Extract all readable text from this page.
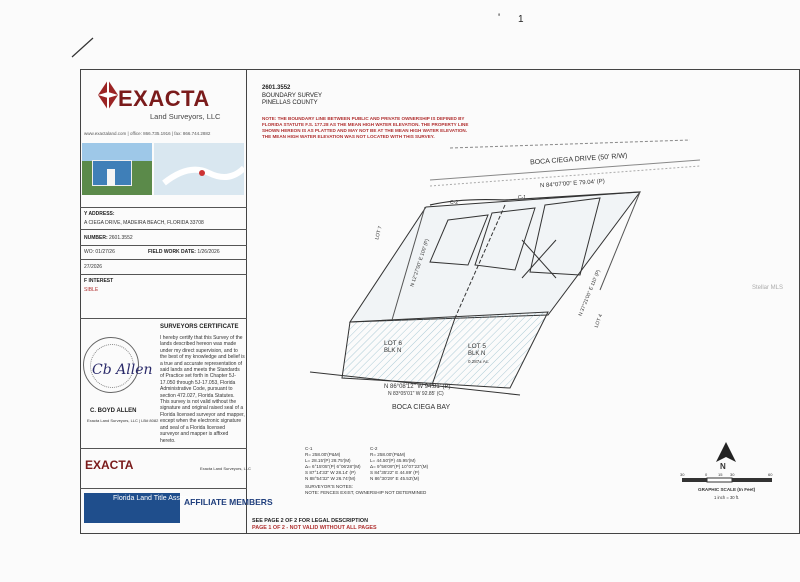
' 1
EXACTA
Land Surveyors, LLC
www.exactaland.com | office: 866.735.1916 | fax: 866.744.2882
Y ADDRESS:
A CIEGA DRIVE, MADEIRA BEACH, FLORIDA 33708
NUMBER: 2601.3552
WO: 01/27/26	FIELD WORK DATE: 1/26/2026
27/2026
F INTEREST
SIBLE
Cb Allen
SURVEYORS CERTIFICATE
I hereby certify that this Survey of the lands described hereon was made under my direct supervision, and to the best of my knowledge and belief is a true and accurate representation of said lands and meets the Standards of Practice set forth in Chapter 5J-17.050 through 5J-17.053, Florida Administrative Code, pursuant to section 472.027, Florida Statutes. This survey is not valid without the signature and original raised seal of a Florida licensed surveyor and mapper, except when the electronic signature and seal of a Florida licensed surveyor and mapper is affixed hereto.
C. BOYD ALLEN
Exacta Land Surveyors, LLC | LB# 8082
EXACTA	Exacta Land Surveyors, LLC
Florida Land Title Association
AFFILIATE MEMBERS
2601.3552
BOUNDARY SURVEY
PINELLAS COUNTY
NOTE: THE BOUNDARY LINE BETWEEN PUBLIC AND PRIVATE OWNERSHIP IS DEFINED BY FLORIDA STATUTE F.S. 177.28 AS THE MEAN HIGH WATER ELEVATION. THE PROPERTY LINE SHOWN HEREON IS AS PLATTED AND MAY NOT BE AT THE MEAN HIGH WATER ELEVATION. THE MEAN HIGH WATER ELEVATION WAS NOT LOCATED WITH THIS SURVEY.
BOCA CIEGA DRIVE (50' R/W)
N 84°07'00" E 79.04' (P)
LOT 6
BLK N
LOT 5
BLK N
0.287± Ac.
N 86°08'12" W 94.81' (P)
N 83°05'01" W 92.85' (C)
BOCA CIEGA BAY
N 12°27'00" E 100' (P)
N 37°21'00" E 110' (P)
LOT 7
LOT 4
C-1
C-2
C-1
R= 258.00'(P&M)
L= 28.15'(P) 28.75'(M)
Δ= 6°15'05"(P) 6°06'28"(M)
S 87°14'33" W 28.14' (P)
N 88°54'32" W 26.74'(M)
C-2
R= 258.00'(P&M)
L= 44.50'(P) 45.95'(M)
Δ= 9°56'09"(P) 10°07'23"(M)
S 84°35'22" E 44.89' (P)
N 86°30'29" E 45.53'(M)
SURVEYOR'S NOTES:
NOTE: FENCES EXIST, OWNERSHIP NOT DETERMINED
N
30	0	15 30	60
GRAPHIC SCALE (In Feet)
1 inch = 30 ft.
SEE PAGE 2 OF 2 FOR LEGAL DESCRIPTION
PAGE 1 OF 2 - NOT VALID WITHOUT ALL PAGES
Stellar MLS
